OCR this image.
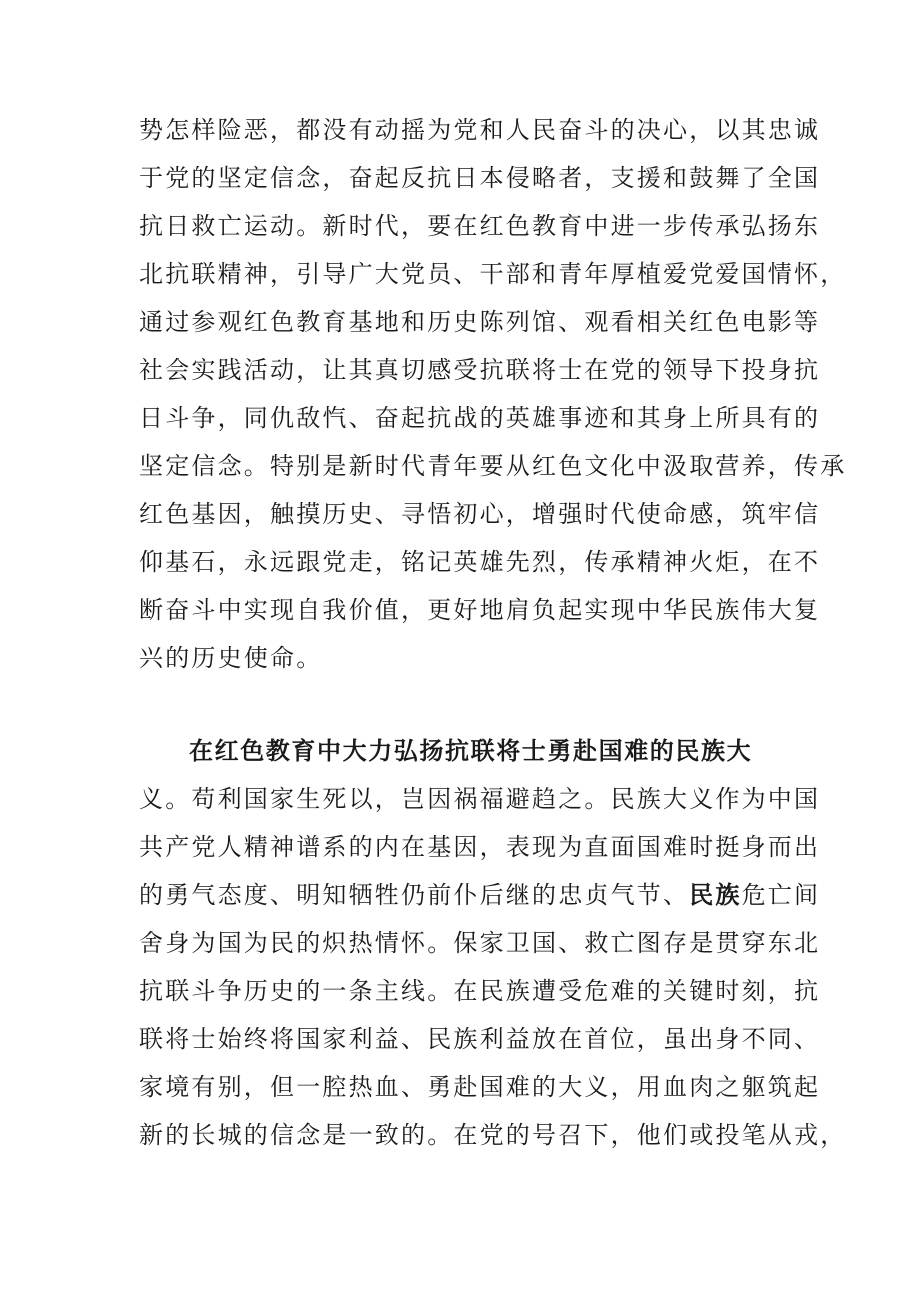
势怎样险恶，都没有动摇为党和人民奋斗的决心，以其忠诚
于党的坚定信念，奋起反抗日本侵略者，支援和鼓舞了全国
抗日救亡运动。新时代，要在红色教育中进一步传承弘扬东
北抗联精神，引导广大党员、干部和青年厚植爱党爱国情怀，
通过参观红色教育基地和历史陈列馆、观看相关红色电影等
社会实践活动，让其真切感受抗联将士在党的领导下投身抗
日斗争，同仇敌忾、奋起抗战的英雄事迹和其身上所具有的
坚定信念。特别是新时代青年要从红色文化中汲取营养，传承
红色基因，触摸历史、寻悟初心，增强时代使命感，筑牢信
仰基石，永远跟党走，铭记英雄先烈，传承精神火炬，在不
断奋斗中实现自我价值，更好地肩负起实现中华民族伟大复
兴的历史使命。
在红色教育中大力弘扬抗联将士勇赴国难的民族大
义。苟利国家生死以，岂因祸福避趋之。民族大义作为中国
共产党人精神谱系的内在基因，表现为直面国难时挺身而出
的勇气态度、明知牺牲仍前仆后继的忠贞气节、民族危亡间
舍身为国为民的炽热情怀。保家卫国、救亡图存是贯穿东北
抗联斗争历史的一条主线。在民族遭受危难的关键时刻，抗
联将士始终将国家利益、民族利益放在首位，虽出身不同、
家境有别，但一腔热血、勇赴国难的大义，用血肉之躯筑起
新的长城的信念是一致的。在党的号召下，他们或投笔从戎，
